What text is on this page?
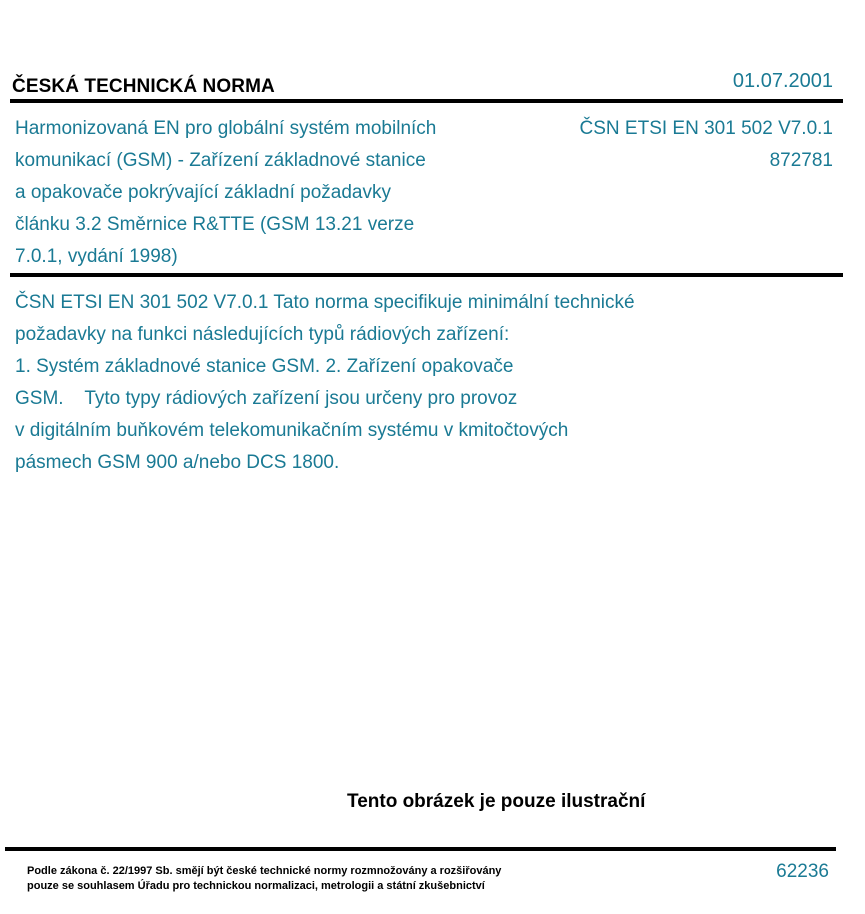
ČESKÁ TECHNICKÁ NORMA	01.07.2001
Harmonizovaná EN pro globální systém mobilních
komunikací (GSM) - Zařízení základnové stanice
a opakovače pokrývající základní požadavky
článku 3.2 Směrnice R&TTE (GSM 13.21 verze
7.0.1, vydání 1998)
ČSN ETSI EN 301 502 V7.0.1
872781
ČSN ETSI EN 301 502 V7.0.1 Tato norma specifikuje minimální technické
požadavky na funkci následujících typů rádiových zařízení:
1. Systém základnové stanice GSM. 2. Zařízení opakovače
GSM.    Tyto typy rádiových zařízení jsou určeny pro provoz
v digitálním buňkovém telekomunikačním systému v kmitočtových
pásmech GSM 900 a/nebo DCS 1800.
Tento obrázek je pouze ilustrační
Podle zákona č. 22/1997 Sb. smějí být české technické normy rozmnožovány a rozšiřovány
pouze se souhlasem Úřadu pro technickou normalizaci, metrologii a státní zkušebnictví
62236
